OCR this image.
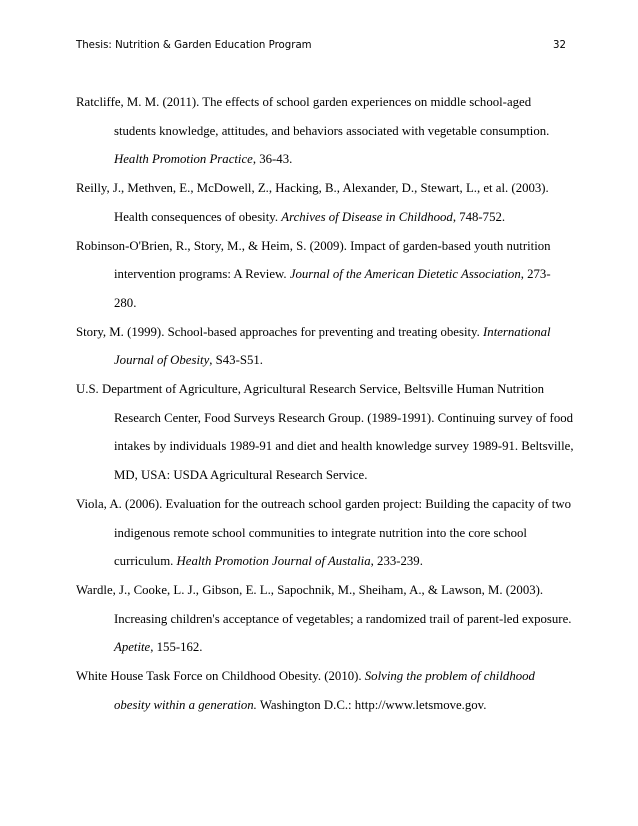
Thesis: Nutrition & Garden Education Program	32

Ratcliffe, M. M. (2011). The effects of school garden experiences on middle school-aged
students knowledge, attitudes, and behaviors associated with vegetable consumption.
Health Promotion Practice, 36-43.

Reilly, J., Methven, E., McDowell, Z., Hacking, B., Alexander, D., Stewart, L., et al. (2003).
Health consequences of obesity. Archives of Disease in Childhood, 748-752.

Robinson-O'Brien, R., Story, M., & Heim, S. (2009). Impact of garden-based youth nutrition
intervention programs: A Review. Journal of the American Dietetic Association, 273-
280.

Story, M. (1999). School-based approaches for preventing and treating obesity. International
Journal of Obesity, S43-S51.

U.S. Department of Agriculture, Agricultural Research Service, Beltsville Human Nutrition
Research Center, Food Surveys Research Group. (1989-1991). Continuing survey of food
intakes by individuals 1989-91 and diet and health knowledge survey 1989-91. Beltsville,
MD, USA: USDA Agricultural Research Service.

Viola, A. (2006). Evaluation for the outreach school garden project: Building the capacity of two
indigenous remote school communities to integrate nutrition into the core school
curriculum. Health Promotion Journal of Austalia, 233-239.

Wardle, J., Cooke, L. J., Gibson, E. L., Sapochnik, M., Sheiham, A., & Lawson, M. (2003).
Increasing children's acceptance of vegetables; a randomized trail of parent-led exposure.
Apetite, 155-162.

White House Task Force on Childhood Obesity. (2010). Solving the problem of childhood
obesity within a generation. Washington D.C.: http://www.letsmove.gov.
